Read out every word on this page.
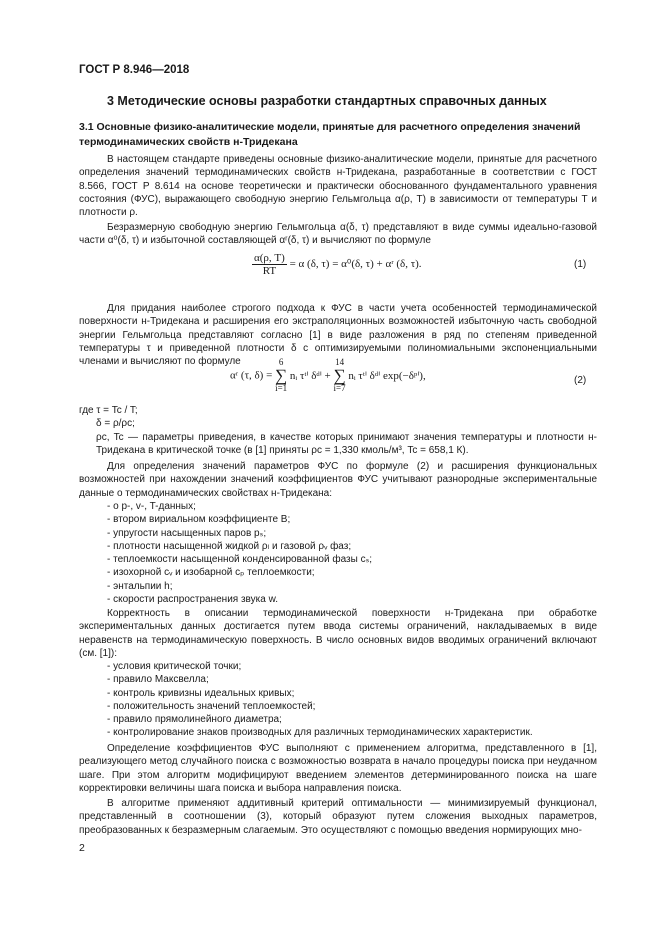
ГОСТ Р 8.946—2018
3 Методические основы разработки стандартных справочных данных
3.1 Основные физико-аналитические модели, принятые для расчетного определения значений термодинамических свойств н-Тридекана

В настоящем стандарте приведены основные физико-аналитические модели, принятые для расчетного определения значений термодинамических свойств н-Тридекана, разработанные в соответствии с ГОСТ 8.566, ГОСТ Р 8.614 на основе теоретически и практически обоснованного фундаментального уравнения состояния (ФУС), выражающего свободную энергию Гельмгольца α(ρ, T) в зависимости от температуры T и плотности ρ.

Безразмерную свободную энергию Гельмгольца α(δ, τ) представляют в виде суммы идеально-газовой части α⁰(δ, τ) и избыточной составляющей αʳ(δ, τ) и вычисляют по формуле

$\frac{\alpha(\rho, T)}{RT} = \alpha$ (δ, τ) = α⁰(δ, τ) + αʳ (δ, τ).	(1)

Для придания наиболее строгого подхода к ФУС в части учета особенностей термодинамической поверхности н-Тридекана и расширения его экстраполяционных возможностей избыточную часть свободной энергии Гельмгольца представляют согласно [1] в виде разложения в ряд по степеням приведенной температуры τ и приведенной плотности δ с оптимизируемыми полиномиальными экспоненциальными членами и вычисляют по формуле

αʳ (τ, δ) = 6
∑
i=1 nᵢ τᵗⁱ δᵈⁱ + 14
∑
i=7 nᵢ τᵗⁱ δᵈⁱ exp(−δᵖⁱ),	(2)
где τ = Tc / T;
δ = ρ/ρc;
ρc, Tc — параметры приведения, в качестве которых принимают значения температуры и плотности н-Тридекана в критической точке (в [1] приняты ρc = 1,330 кмоль/м³, Tc = 658,1 К).

Для определения значений параметров ФУС по формуле (2) и расширения функциональных возможностей при нахождении значений коэффициентов ФУС учитывают разнородные экспериментальные данные о термодинамических свойствах н-Тридекана:

- о p-, v-, T-данных;
- втором вириальном коэффициенте B;
- упругости насыщенных паров pₛ;
- плотности насыщенной жидкой ρₗ и газовой ρᵥ фаз;
- теплоемкости насыщенной конденсированной фазы cₛ;
- изохорной cᵥ и изобарной cₚ теплоемкости;
- энтальпии h;
- скорости распространения звука w.

Корректность в описании термодинамической поверхности н-Тридекана при обработке экспериментальных данных достигается путем ввода системы ограничений, накладываемых в виде неравенств на термодинамическую поверхность. В число основных видов вводимых ограничений включают (см. [1]):

- условия критической точки;
- правило Максвелла;
- контроль кривизны идеальных кривых;
- положительность значений теплоемкостей;
- правило прямолинейного диаметра;
- контролирование знаков производных для различных термодинамических характеристик.

Определение коэффициентов ФУС выполняют с применением алгоритма, представленного в [1], реализующего метод случайного поиска с возможностью возврата в начало процедуры поиска при неудачном шаге. При этом алгоритм модифицируют введением элементов детерминированного поиска на шаге корректировки величины шага поиска и выбора направления поиска.

В алгоритме применяют аддитивный критерий оптимальности — минимизируемый функционал, представленный в соотношении (3), который образуют путем сложения выходных параметров, преобразованных к безразмерным слагаемым. Это осуществляют с помощью введения нормирующих мно-

2
